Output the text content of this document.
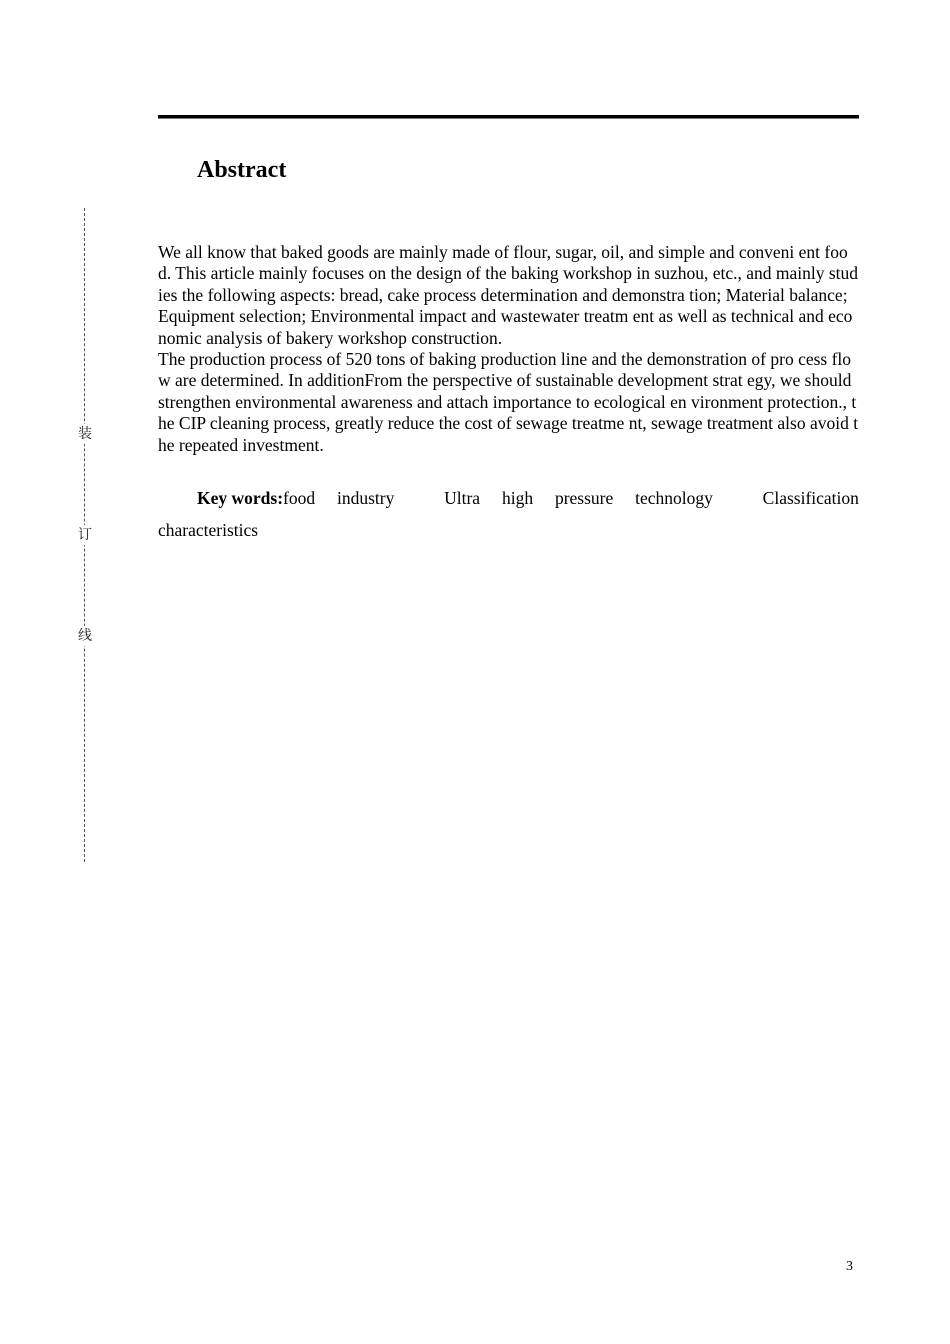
Abstract

We all know that baked goods are mainly made of flour, sugar, oil, and simple and conveni ent food. This article mainly focuses on the design of the baking workshop in suzhou, etc., and mainly studies the following aspects: bread, cake process determination and demonstra tion; Material balance; Equipment selection; Environmental impact and wastewater treatm ent as well as technical and economic analysis of bakery workshop construction.

The production process of 520 tons of baking production line and the demonstration of pro cess flow are determined. In additionFrom the perspective of sustainable development strat egy, we should strengthen environmental awareness and attach importance to ecological en vironment protection., the CIP cleaning process, greatly reduce the cost of sewage treatme nt, sewage treatment also avoid the repeated investment.

Key words:food industry	Ultra high pressure technology	Classification
characteristics
装
订
线
3
